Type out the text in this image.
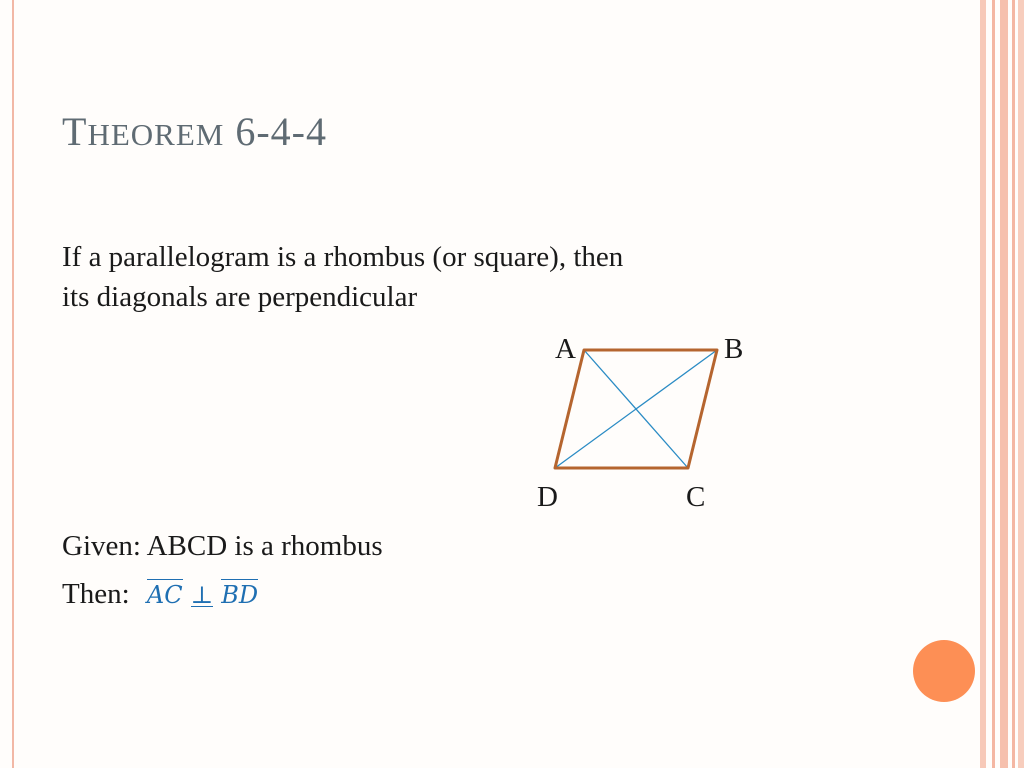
THEOREM 6-4-4
If a parallelogram is a rhombus (or square), then
its diagonals are perpendicular
A	B
D	C
Given: ABCD is a rhombus
Then: AC ⊥ BD
